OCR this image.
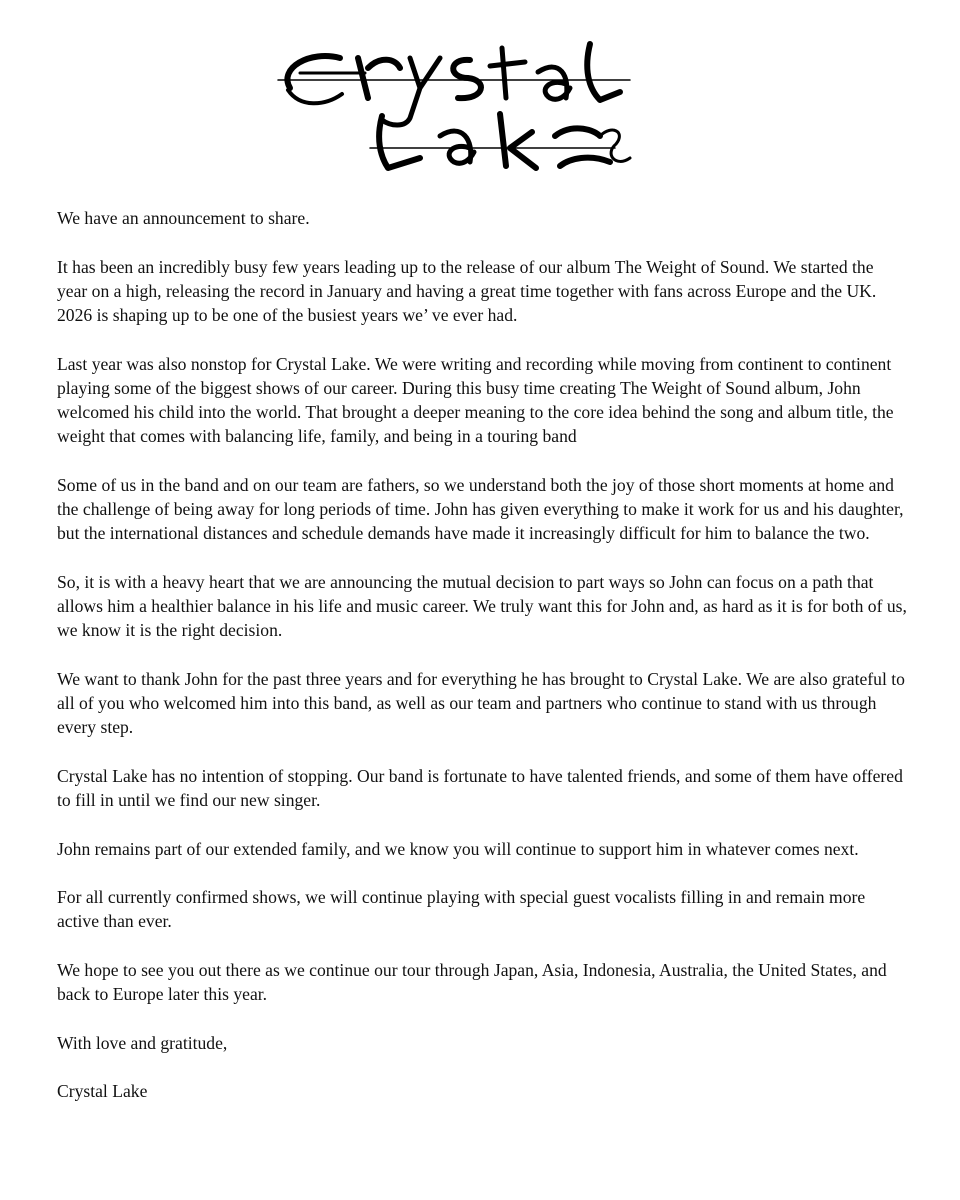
We have an announcement to share.

It has been an incredibly busy few years leading up to the release of our album The Weight of Sound. We started the year on a high, releasing the record in January and having a great time together with fans across Europe and the UK. 2026 is shaping up to be one of the busiest years we’ ve ever had.

Last year was also nonstop for Crystal Lake. We were writing and recording while moving from continent to continent playing some of the biggest shows of our career. During this busy time creating The Weight of Sound album, John welcomed his child into the world. That brought a deeper meaning to the core idea behind the song and album title, the weight that comes with balancing life, family, and being in a touring band

Some of us in the band and on our team are fathers, so we understand both the joy of those short moments at home and the challenge of being away for long periods of time. John has given everything to make it work for us and his daughter, but the international distances and schedule demands have made it increasingly difficult for him to balance the two.

So, it is with a heavy heart that we are announcing the mutual decision to part ways so John can focus on a path that allows him a healthier balance in his life and music career. We truly want this for John and, as hard as it is for both of us, we know it is the right decision.

We want to thank John for the past three years and for everything he has brought to Crystal Lake. We are also grateful to all of you who welcomed him into this band, as well as our team and partners who continue to stand with us through every step.

Crystal Lake has no intention of stopping. Our band is fortunate to have talented friends, and some of them have offered to fill in until we find our new singer.

John remains part of our extended family, and we know you will continue to support him in whatever comes next.

For all currently confirmed shows, we will continue playing with special guest vocalists filling in and remain more active than ever.

We hope to see you out there as we continue our tour through Japan, Asia, Indonesia, Australia, the United States, and back to Europe later this year.

With love and gratitude,

Crystal Lake
